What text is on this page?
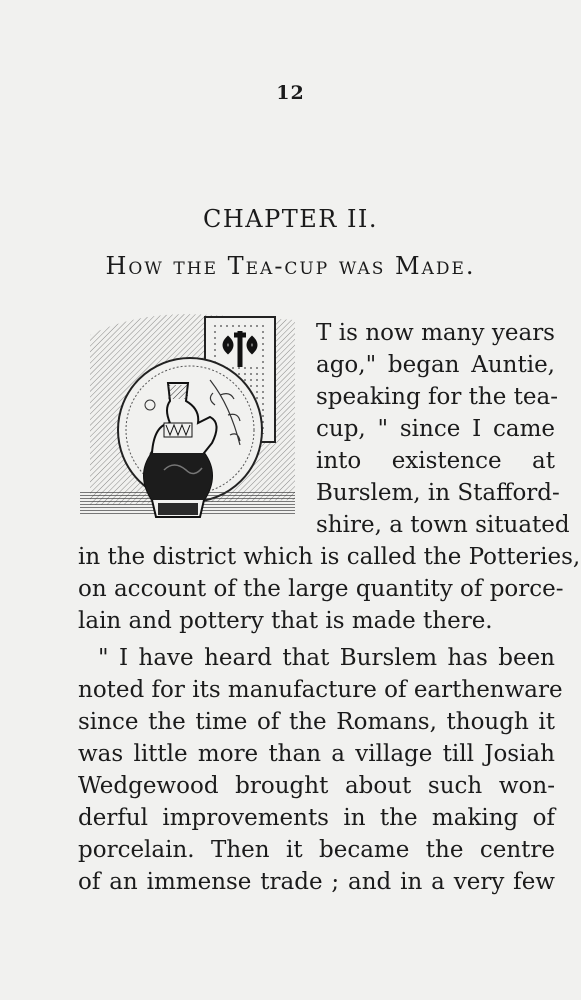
12
CHAPTER II.
How the Tea-cup was Made.
T is now many years
ago," began Auntie,
speaking for the tea-
cup, " since I came
into existence at
Burslem, in Stafford-
shire, a town situated
in the district which is called the Potteries,
on account of the large quantity of porce-
lain and pottery that is made there.
" I have heard that Burslem has been
noted for its manufacture of earthenware
since the time of the Romans, though it
was little more than a village till Josiah
Wedgewood brought about such won-
derful improvements in the making of
porcelain. Then it became the centre
of an immense trade ; and in a very few
